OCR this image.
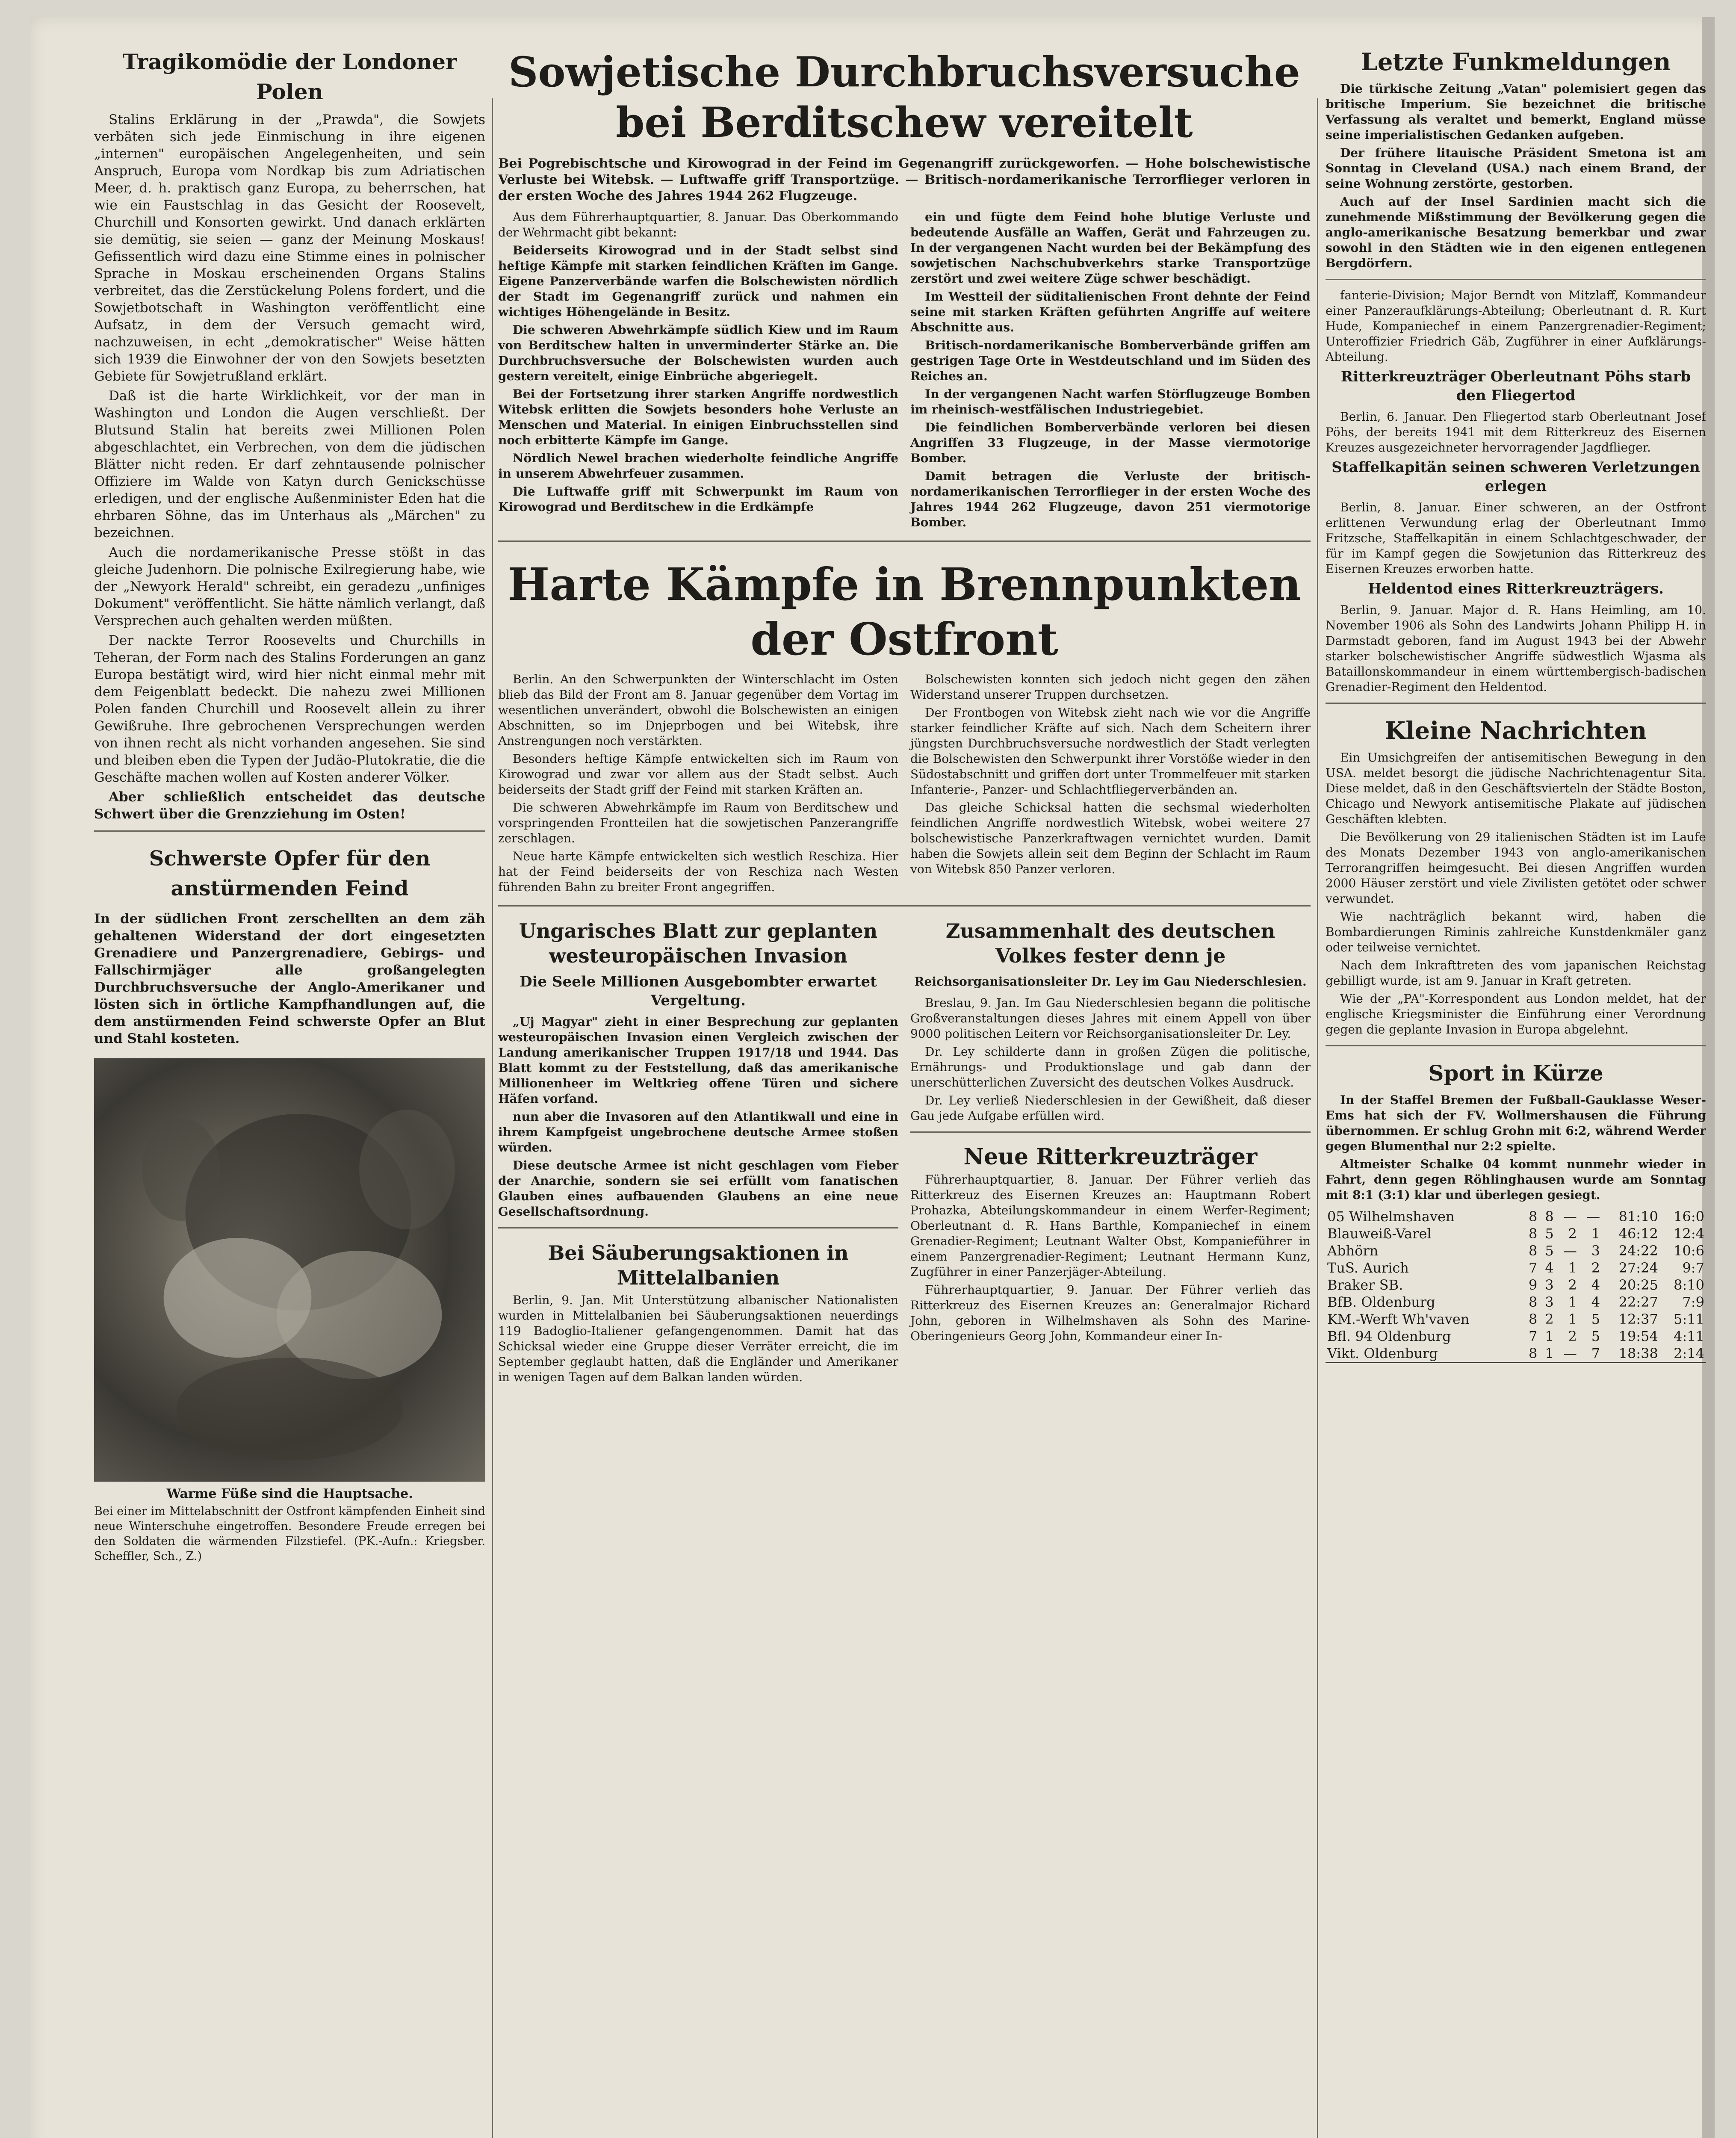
Tragikomödie der Londoner Polen

Stalins Erklärung in der „Prawda", die Sowjets verbäten sich jede Einmischung in ihre eigenen „internen" europäischen Angelegenheiten, und sein Anspruch, Europa vom Nordkap bis zum Adriatischen Meer, d. h. praktisch ganz Europa, zu beherrschen, hat wie ein Faustschlag in das Gesicht der Roosevelt, Churchill und Konsorten gewirkt. Und danach erklärten sie demütig, sie seien — ganz der Meinung Moskaus! Gefissentlich wird dazu eine Stimme eines in polnischer Sprache in Moskau erscheinenden Organs Stalins verbreitet, das die Zerstückelung Polens fordert, und die Sowjetbotschaft in Washington veröffentlicht eine Aufsatz, in dem der Versuch gemacht wird, nachzuweisen, in echt „demokratischer" Weise hätten sich 1939 die Einwohner der von den Sowjets besetzten Gebiete für Sowjetrußland erklärt.

Daß ist die harte Wirklichkeit, vor der man in Washington und London die Augen verschließt. Der Blutsund Stalin hat bereits zwei Millionen Polen abgeschlachtet, ein Verbrechen, von dem die jüdischen Blätter nicht reden. Er darf zehntausende polnischer Offiziere im Walde von Katyn durch Genickschüsse erledigen, und der englische Außenminister Eden hat die ehrbaren Söhne, das im Unterhaus als „Märchen" zu bezeichnen.

Auch die nordamerikanische Presse stößt in das gleiche Judenhorn. Die polnische Exilregierung habe, wie der „Newyork Herald" schreibt, ein geradezu „unfiniges Dokument" veröffentlicht. Sie hätte nämlich verlangt, daß Versprechen auch gehalten werden müßten.

Der nackte Terror Roosevelts und Churchills in Teheran, der Form nach des Stalins Forderungen an ganz Europa bestätigt wird, wird hier nicht einmal mehr mit dem Feigenblatt bedeckt. Die nahezu zwei Millionen Polen fanden Churchill und Roosevelt allein zu ihrer Gewißruhe. Ihre gebrochenen Versprechungen werden von ihnen recht als nicht vorhanden angesehen. Sie sind und bleiben eben die Typen der Judäo-Plutokratie, die die Geschäfte machen wollen auf Kosten anderer Völker.

Aber schließlich entscheidet das deutsche Schwert über die Grenzziehung im Osten!

Schwerste Opfer für den anstürmenden Feind
In der südlichen Front zerschellten an dem zäh gehaltenen Widerstand der dort eingesetzten Grenadiere und Panzergrenadiere, Gebirgs- und Fallschirmjäger alle großangelegten Durchbruchsversuche der Anglo-Amerikaner und lösten sich in örtliche Kampfhandlungen auf, die dem anstürmenden Feind schwerste Opfer an Blut und Stahl kosteten.
Warme Füße sind die Hauptsache.
Bei einer im Mittelabschnitt der Ostfront kämpfenden Einheit sind neue Winterschuhe eingetroffen. Besondere Freude erregen bei den Soldaten die wärmenden Filzstiefel. (PK.-Aufn.: Kriegsber. Scheffler, Sch., Z.)
Sowjetische Durchbruchsversuche bei Berditschew vereitelt
Bei Pogrebischtsche und Kirowograd in der Feind im Gegenangriff zurückgeworfen. — Hohe bolschewistische Verluste bei Witebsk. — Luftwaffe griff Transportzüge. — Britisch-nordamerikanische Terrorflieger verloren in der ersten Woche des Jahres 1944 262 Flugzeuge.

Aus dem Führerhauptquartier, 8. Januar. Das Oberkommando der Wehrmacht gibt bekannt:

Beiderseits Kirowograd und in der Stadt selbst sind heftige Kämpfe mit starken feindlichen Kräften im Gange. Eigene Panzerverbände warfen die Bolschewisten nördlich der Stadt im Gegenangriff zurück und nahmen ein wichtiges Höhengelände in Besitz.

Die schweren Abwehrkämpfe südlich Kiew und im Raum von Berditschew halten in unverminderter Stärke an. Die Durchbruchsversuche der Bolschewisten wurden auch gestern vereitelt, einige Einbrüche abgeriegelt.

Bei der Fortsetzung ihrer starken Angriffe nordwestlich Witebsk erlitten die Sowjets besonders hohe Verluste an Menschen und Material. In einigen Einbruchsstellen sind noch erbitterte Kämpfe im Gange.

Nördlich Newel brachen wiederholte feindliche Angriffe in unserem Abwehrfeuer zusammen.

Die Luftwaffe griff mit Schwerpunkt im Raum von Kirowograd und Berditschew in die Erdkämpfe

ein und fügte dem Feind hohe blutige Verluste und bedeutende Ausfälle an Waffen, Gerät und Fahrzeugen zu. In der vergangenen Nacht wurden bei der Bekämpfung des sowjetischen Nachschubverkehrs starke Transportzüge zerstört und zwei weitere Züge schwer beschädigt.

Im Westteil der süditalienischen Front dehnte der Feind seine mit starken Kräften geführten Angriffe auf weitere Abschnitte aus.

Britisch-nordamerikanische Bomberverbände griffen am gestrigen Tage Orte in Westdeutschland und im Süden des Reiches an.

In der vergangenen Nacht warfen Störflugzeuge Bomben im rheinisch-westfälischen Industriegebiet.

Die feindlichen Bomberverbände verloren bei diesen Angriffen 33 Flugzeuge, in der Masse viermotorige Bomber.

Damit betragen die Verluste der britisch-nordamerikanischen Terrorflieger in der ersten Woche des Jahres 1944 262 Flugzeuge, davon 251 viermotorige Bomber.

Harte Kämpfe in Brennpunkten der Ostfront

Berlin. An den Schwerpunkten der Winterschlacht im Osten blieb das Bild der Front am 8. Januar gegenüber dem Vortag im wesentlichen unverändert, obwohl die Bolschewisten an einigen Abschnitten, so im Dnjeprbogen und bei Witebsk, ihre Anstrengungen noch verstärkten.

Besonders heftige Kämpfe entwickelten sich im Raum von Kirowograd und zwar vor allem aus der Stadt selbst. Auch beiderseits der Stadt griff der Feind mit starken Kräften an.

Die schweren Abwehrkämpfe im Raum von Berditschew und vorspringenden Frontteilen hat die sowjetischen Panzerangriffe zerschlagen.

Neue harte Kämpfe entwickelten sich westlich Reschiza. Hier hat der Feind beiderseits der von Reschiza nach Westen führenden Bahn zu breiter Front angegriffen.

Bolschewisten konnten sich jedoch nicht gegen den zähen Widerstand unserer Truppen durchsetzen.

Der Frontbogen von Witebsk zieht nach wie vor die Angriffe starker feindlicher Kräfte auf sich. Nach dem Scheitern ihrer jüngsten Durchbruchsversuche nordwestlich der Stadt verlegten die Bolschewisten den Schwerpunkt ihrer Vorstöße wieder in den Südostabschnitt und griffen dort unter Trommelfeuer mit starken Infanterie-, Panzer- und Schlachtfliegerverbänden an.

Das gleiche Schicksal hatten die sechsmal wiederholten feindlichen Angriffe nordwestlich Witebsk, wobei weitere 27 bolschewistische Panzerkraftwagen vernichtet wurden. Damit haben die Sowjets allein seit dem Beginn der Schlacht im Raum von Witebsk 850 Panzer verloren.

Ungarisches Blatt zur geplanten westeuropäischen Invasion
Die Seele Millionen Ausgebombter erwartet Vergeltung.

„Uj Magyar" zieht in einer Besprechung zur geplanten westeuropäischen Invasion einen Vergleich zwischen der Landung amerikanischer Truppen 1917/18 und 1944. Das Blatt kommt zu der Feststellung, daß das amerikanische Millionenheer im Weltkrieg offene Türen und sichere Häfen vorfand.

nun aber die Invasoren auf den Atlantikwall und eine in ihrem Kampfgeist ungebrochene deutsche Armee stoßen würden.

Diese deutsche Armee ist nicht geschlagen vom Fieber der Anarchie, sondern sie sei erfüllt vom fanatischen Glauben eines aufbauenden Glaubens an eine neue Gesellschaftsordnung.

Bei Säuberungsaktionen in Mittelalbanien

Berlin, 9. Jan. Mit Unterstützung albanischer Nationalisten wurden in Mittelalbanien bei Säuberungsaktionen neuerdings 119 Badoglio-Italiener gefangengenommen. Damit hat das Schicksal wieder eine Gruppe dieser Verräter erreicht, die im September geglaubt hatten, daß die Engländer und Amerikaner in wenigen Tagen auf dem Balkan landen würden.

Zusammenhalt des deutschen Volkes fester denn je
Reichsorganisationsleiter Dr. Ley im Gau Niederschlesien.

Breslau, 9. Jan. Im Gau Niederschlesien begann die politische Großveranstaltungen dieses Jahres mit einem Appell von über 9000 politischen Leitern vor Reichsorganisationsleiter Dr. Ley.

Dr. Ley schilderte dann in großen Zügen die politische, Ernährungs- und Produktionslage und gab dann der unerschütterlichen Zuversicht des deutschen Volkes Ausdruck.

Dr. Ley verließ Niederschlesien in der Gewißheit, daß dieser Gau jede Aufgabe erfüllen wird.

Neue Ritterkreuzträger

Führerhauptquartier, 8. Januar. Der Führer verlieh das Ritterkreuz des Eisernen Kreuzes an: Hauptmann Robert Prohazka, Abteilungskommandeur in einem Werfer-Regiment; Oberleutnant d. R. Hans Barthle, Kompaniechef in einem Grenadier-Regiment; Leutnant Walter Obst, Kompanieführer in einem Panzergrenadier-Regiment; Leutnant Hermann Kunz, Zugführer in einer Panzerjäger-Abteilung.

Führerhauptquartier, 9. Januar. Der Führer verlieh das Ritterkreuz des Eisernen Kreuzes an: Generalmajor Richard John, geboren in Wilhelmshaven als Sohn des Marine-Oberingenieurs Georg John, Kommandeur einer In-

Letzte Funkmeldungen

Die türkische Zeitung „Vatan" polemisiert gegen das britische Imperium. Sie bezeichnet die britische Verfassung als veraltet und bemerkt, England müsse seine imperialistischen Gedanken aufgeben.

Der frühere litauische Präsident Smetona ist am Sonntag in Cleveland (USA.) nach einem Brand, der seine Wohnung zerstörte, gestorben.

Auch auf der Insel Sardinien macht sich die zunehmende Mißstimmung der Bevölkerung gegen die anglo-amerikanische Besatzung bemerkbar und zwar sowohl in den Städten wie in den eigenen entlegenen Bergdörfern.

fanterie-Division; Major Berndt von Mitzlaff, Kommandeur einer Panzeraufklärungs-Abteilung; Oberleutnant d. R. Kurt Hude, Kompaniechef in einem Panzergrenadier-Regiment; Unteroffizier Friedrich Gäb, Zugführer in einer Aufklärungs-Abteilung.

Ritterkreuzträger Oberleutnant Pöhs starb den Fliegertod

Berlin, 6. Januar. Den Fliegertod starb Oberleutnant Josef Pöhs, der bereits 1941 mit dem Ritterkreuz des Eisernen Kreuzes ausgezeichneter hervorragender Jagdflieger.

Staffelkapitän seinen schweren Verletzungen erlegen

Berlin, 8. Januar. Einer schweren, an der Ostfront erlittenen Verwundung erlag der Oberleutnant Immo Fritzsche, Staffelkapitän in einem Schlachtgeschwader, der für im Kampf gegen die Sowjetunion das Ritterkreuz des Eisernen Kreuzes erworben hatte.

Heldentod eines Ritterkreuzträgers.

Berlin, 9. Januar. Major d. R. Hans Heimling, am 10. November 1906 als Sohn des Landwirts Johann Philipp H. in Darmstadt geboren, fand im August 1943 bei der Abwehr starker bolschewistischer Angriffe südwestlich Wjasma als Bataillonskommandeur in einem württembergisch-badischen Grenadier-Regiment den Heldentod.

Kleine Nachrichten

Ein Umsichgreifen der antisemitischen Bewegung in den USA. meldet besorgt die jüdische Nachrichtenagentur Sita. Diese meldet, daß in den Geschäftsvierteln der Städte Boston, Chicago und Newyork antisemitische Plakate auf jüdischen Geschäften klebten.

Die Bevölkerung von 29 italienischen Städten ist im Laufe des Monats Dezember 1943 von anglo-amerikanischen Terrorangriffen heimgesucht. Bei diesen Angriffen wurden 2000 Häuser zerstört und viele Zivilisten getötet oder schwer verwundet.

Wie nachträglich bekannt wird, haben die Bombardierungen Riminis zahlreiche Kunstdenkmäler ganz oder teilweise vernichtet.

Nach dem Inkrafttreten des vom japanischen Reichstag gebilligt wurde, ist am 9. Januar in Kraft getreten.

Wie der „PA"-Korrespondent aus London meldet, hat der englische Kriegsminister die Einführung einer Verordnung gegen die geplante Invasion in Europa abgelehnt.

Sport in Kürze

In der Staffel Bremen der Fußball-Gauklasse Weser-Ems hat sich der FV. Wollmershausen die Führung übernommen. Er schlug Grohn mit 6:2, während Werder gegen Blumenthal nur 2:2 spielte.

Altmeister Schalke 04 kommt nunmehr wieder in Fahrt, denn gegen Röhlinghausen wurde am Sonntag mit 8:1 (3:1) klar und überlegen gesiegt.

05 Wilhelmshaven	8	8	—	—	81:10	16:0
Blauweiß-Varel	8	5	2	1	46:12	12:4
Abhörn	8	5	—	3	24:22	10:6
TuS. Aurich	7	4	1	2	27:24	9:7
Braker SB.	9	3	2	4	20:25	8:10
BfB. Oldenburg	8	3	1	4	22:27	7:9
KM.-Werft Wh'vaven	8	2	1	5	12:37	5:11
Bfl. 94 Oldenburg	7	1	2	5	19:54	4:11
Vikt. Oldenburg	8	1	—	7	18:38	2:14
